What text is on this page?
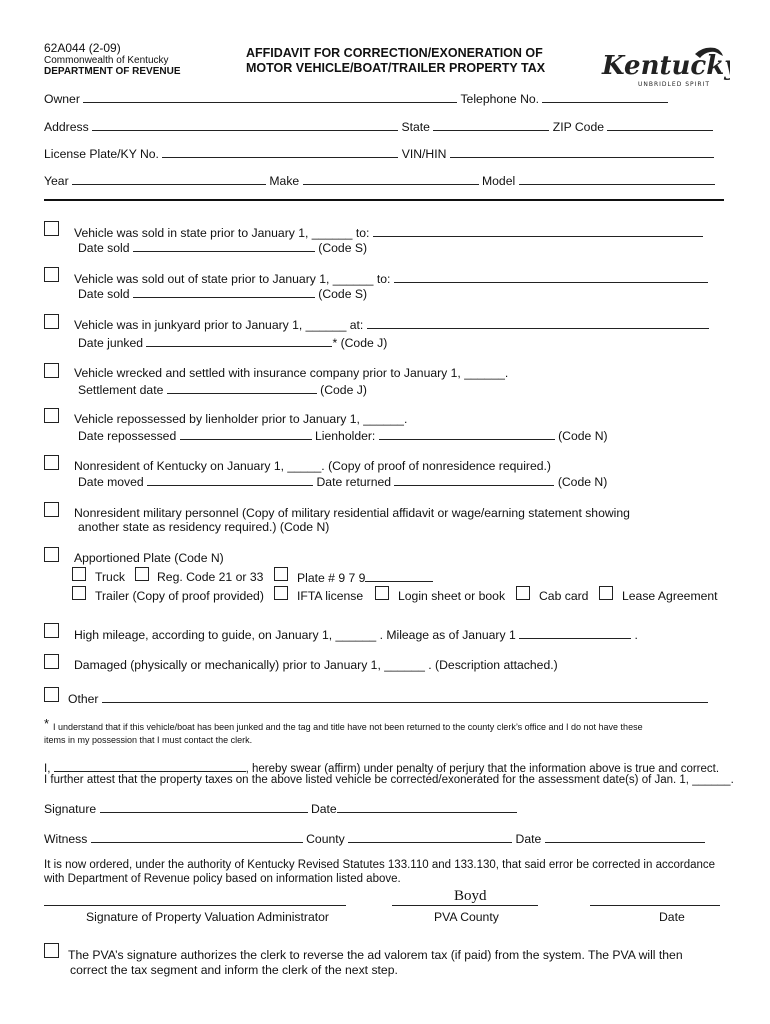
62A044 (2-09)
Commonwealth of Kentucky
DEPARTMENT OF REVENUE
AFFIDAVIT FOR CORRECTION/EXONERATION OF
MOTOR VEHICLE/BOAT/TRAILER PROPERTY TAX Kentucky
UNBRIDLED SPIRIT
Owner	Telephone No.
Address	State	ZIP Code
License Plate/KY No.	VIN/HIN
Year	Make	Model
Vehicle was sold in state prior to January 1, ______ to:
Date sold	(Code S)
Vehicle was sold out of state prior to January 1, ______ to:
Date sold	(Code S)
Vehicle was in junkyard prior to January 1, ______ at:
Date junked	* (Code J)
Vehicle wrecked and settled with insurance company prior to January 1, ______.
Settlement date	(Code J)
Vehicle repossessed by lienholder prior to January 1, ______.
Date repossessed	Lienholder:	(Code N)
Nonresident of Kentucky on January 1, _____. (Copy of proof of nonresidence required.)
Date moved	Date returned	(Code N)
Nonresident military personnel (Copy of military residential affidavit or wage/earning statement showing
another state as residency required.) (Code N)
Apportioned Plate (Code N)
Truck	Reg. Code 21 or 33	Plate # 9 7 9
Trailer (Copy of proof provided)	IFTA license	Login sheet or book	Cab card	Lease Agreement
High mileage, according to guide, on January 1, ______ . Mileage as of January 1	.
Damaged (physically or mechanically) prior to January 1, ______ . (Description attached.)
Other
* I understand that if this vehicle/boat has been junked and the tag and title have not been returned to the county clerk’s office and I do not have these
items in my possession that I must contact the clerk.
I,	, hereby swear (affirm) under penalty of perjury that the information above is true and correct.
I further attest that the property taxes on the above listed vehicle be corrected/exonerated for the assessment date(s) of Jan. 1, ______.
Signature	Date
Witness	County	Date
It is now ordered, under the authority of Kentucky Revised Statutes 133.110 and 133.130, that said error be corrected in accordance
with Department of Revenue policy based on information listed above.
Boyd
Signature of Property Valuation Administrator	PVA County	Date
The PVA’s signature authorizes the clerk to reverse the ad valorem tax (if paid) from the system. The PVA will then
correct the tax segment and inform the clerk of the next step.
